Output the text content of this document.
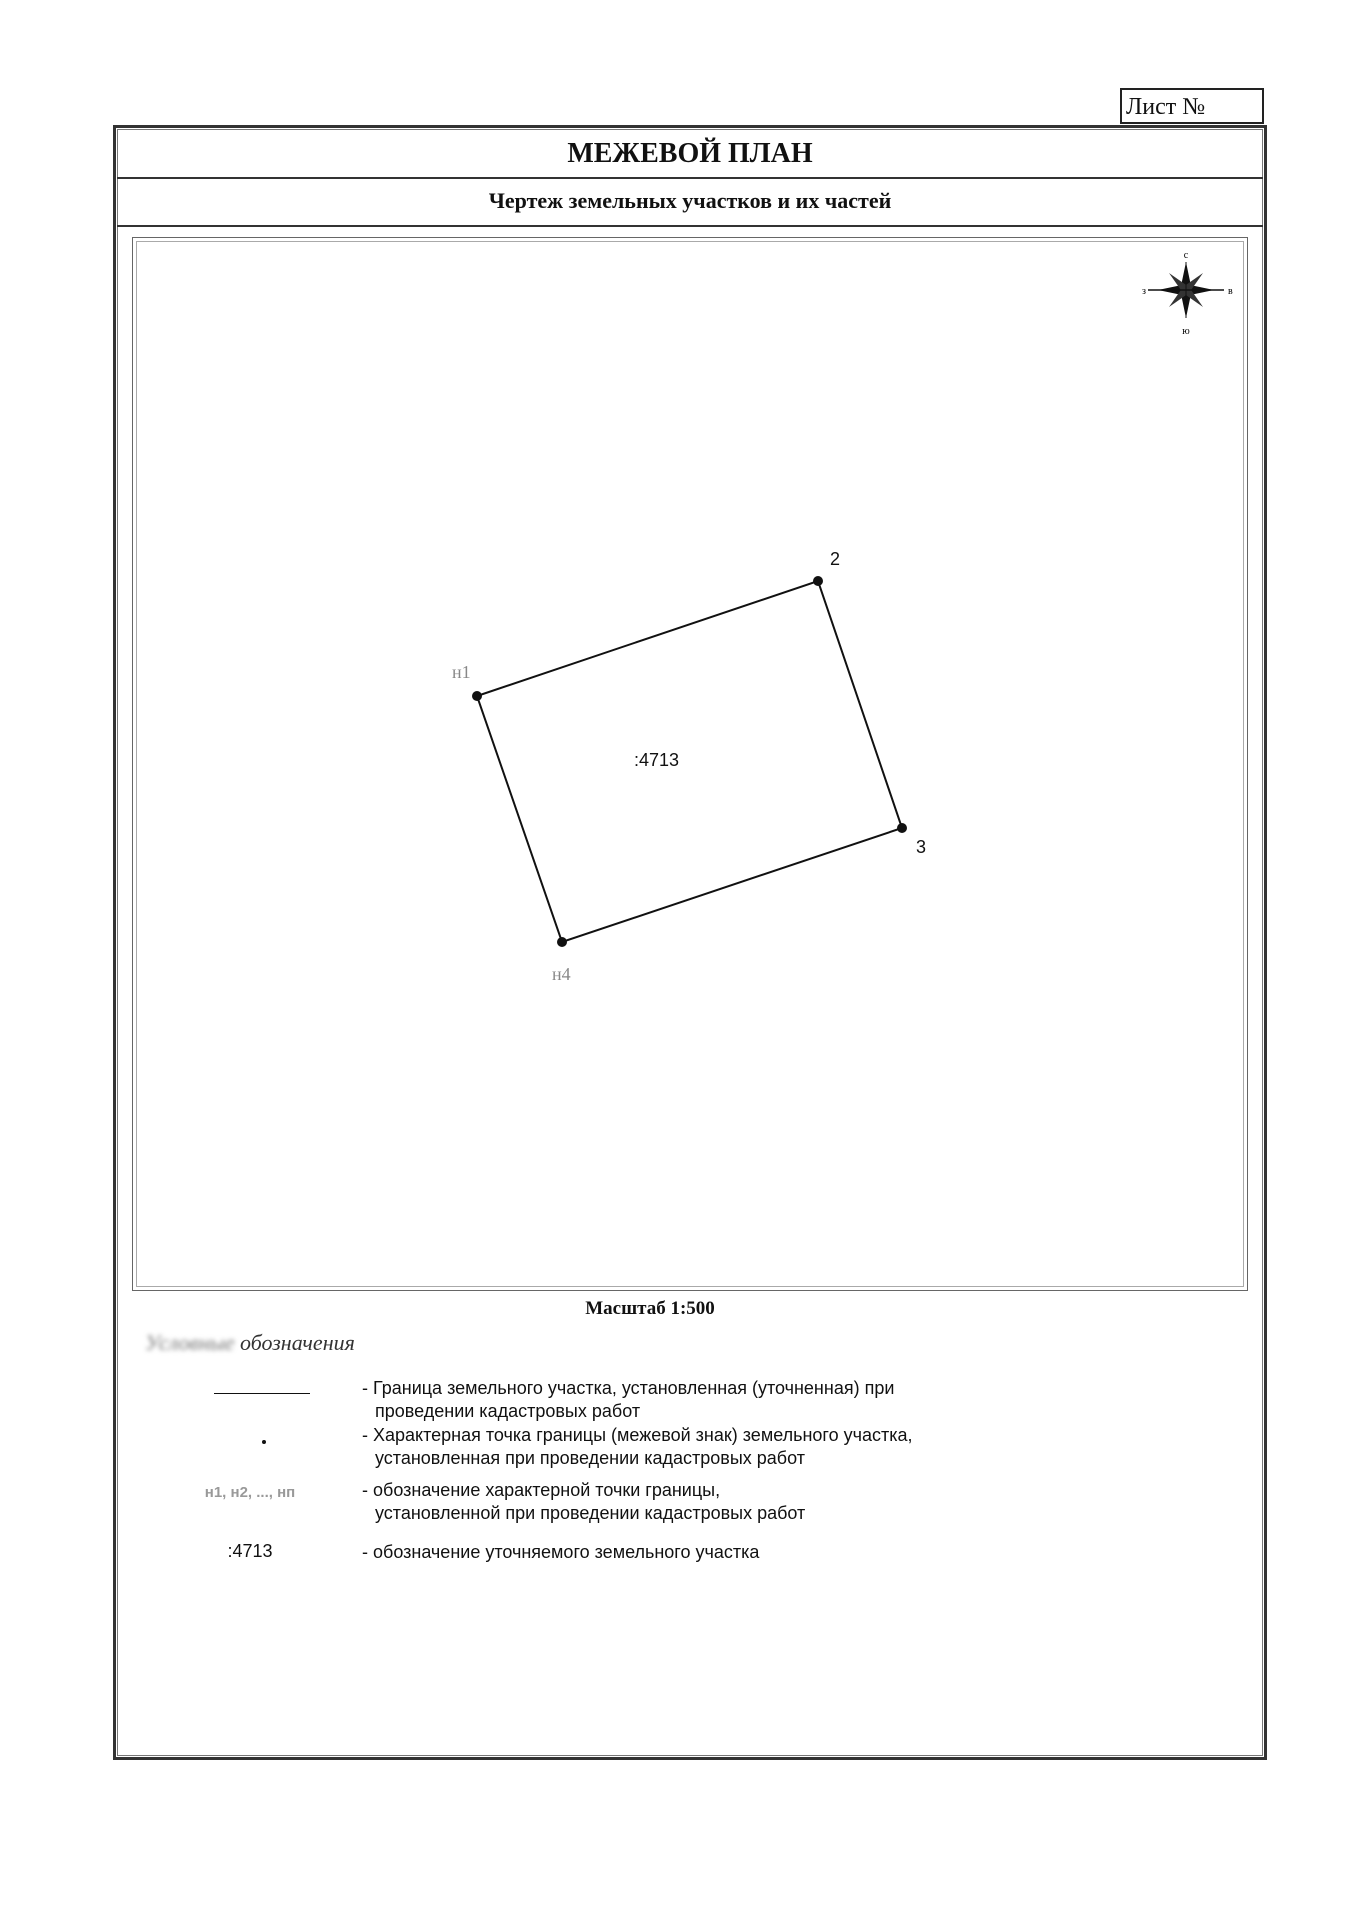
Лист №
МЕЖЕВОЙ ПЛАН
Чертеж земельных участков и их частей
с
ю
в
з
н1
2
3
н4
:4713
Масштаб 1:500
Условные обозначения
- Граница земельного участка, установленная (уточненная) при
проведении кадастровых работ
- Характерная точка границы (межевой знак) земельного участка,
установленная при проведении кадастровых работ
н1, н2, ..., нп	- обозначение характерной точки границы,
установленной при проведении кадастровых работ
:4713	- обозначение уточняемого земельного участка
